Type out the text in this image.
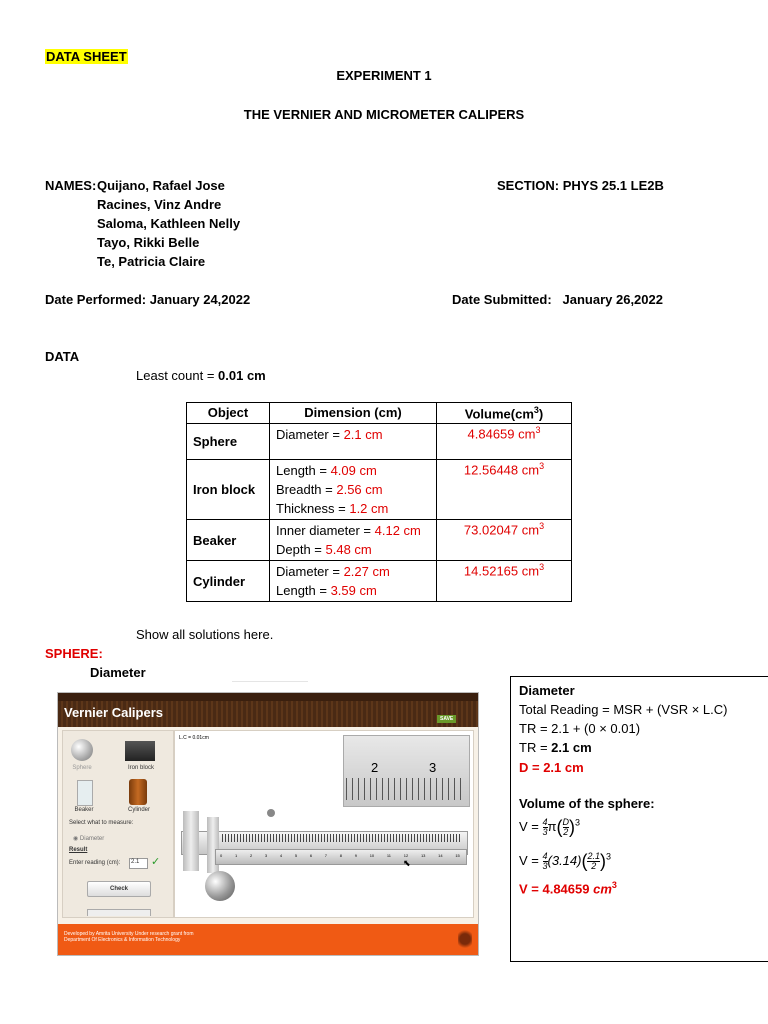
DATA SHEET
EXPERIMENT 1
THE VERNIER AND MICROMETER CALIPERS
NAMES: Quijano, Rafael Jose
Racines, Vinz Andre
Saloma, Kathleen Nelly
Tayo, Rikki Belle
Te, Patricia Claire
SECTION: PHYS 25.1 LE2B
Date Performed: January 24,2022	Date Submitted: January 26,2022
DATA
Least count = 0.01 cm
Object	Dimension (cm)	$Volume(cm^3)$
Sphere	Diameter = 2.1 cm	4.84659 $cm^3$
Iron block	Length = 4.09 cm
Breadth = 2.56 cm
Thickness = 1.2 cm	12.56448 $cm^3$
Beaker	Inner diameter = 4.12 cm
Depth = 5.48 cm	73.02047 $cm^3$
Cylinder	Diameter = 2.27 cm
Length = 3.59 cm	14.52165 $cm^3$
Show all solutions here.
SPHERE:
Diameter
Vernier Calipers
Sphere	Iron block
Beaker	Cylinder
Select what to measure:
◉ Diameter
Result
Enter reading (cm):	2.1	✓
Check
L.C = 0.01cm
SAVE
2	3
0	1	2	3	4	5	6	7	8	9	10	11	12	13	14	15
⬉
Developed by Amrita University Under research grant from
Department Of Electronics & Information Technology
Diameter
Total Reading = MSR + (VSR × L.C)
TR = 2.1 + (0 × 0.01)
TR = 2.1 cm
D = 2.1 cm
Volume of the sphere:
$V = \frac{4}{3} \pi( \frac{D}{2} )^3$
$V = \frac{4}{3} (3.14)( \frac{2.1}{2} )^3$
V = 4.84659 $cm^3$
